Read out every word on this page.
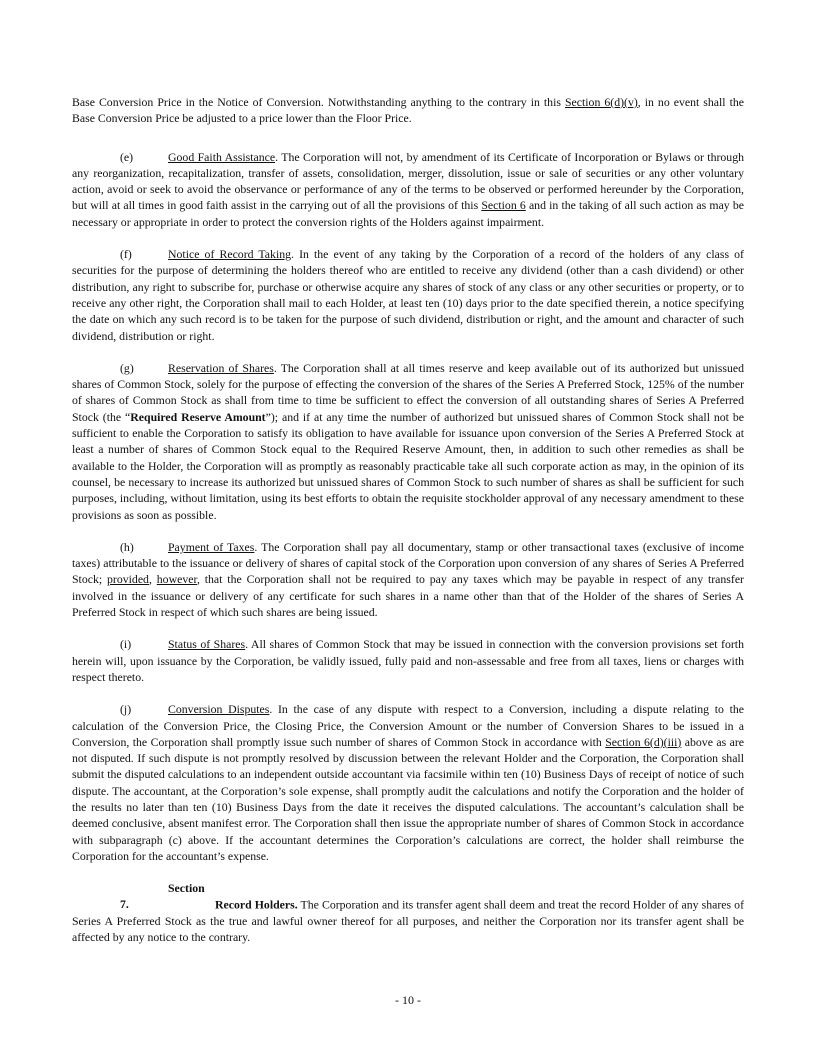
Base Conversion Price in the Notice of Conversion. Notwithstanding anything to the contrary in this Section 6(d)(v), in no event shall the Base Conversion Price be adjusted to a price lower than the Floor Price.

(e)	Good Faith Assistance. The Corporation will not, by amendment of its Certificate of Incorporation or Bylaws or through any reorganization, recapitalization, transfer of assets, consolidation, merger, dissolution, issue or sale of securities or any other voluntary action, avoid or seek to avoid the observance or performance of any of the terms to be observed or performed hereunder by the Corporation, but will at all times in good faith assist in the carrying out of all the provisions of this Section 6 and in the taking of all such action as may be necessary or appropriate in order to protect the conversion rights of the Holders against impairment.

(f)	Notice of Record Taking. In the event of any taking by the Corporation of a record of the holders of any class of securities for the purpose of determining the holders thereof who are entitled to receive any dividend (other than a cash dividend) or other distribution, any right to subscribe for, purchase or otherwise acquire any shares of stock of any class or any other securities or property, or to receive any other right, the Corporation shall mail to each Holder, at least ten (10) days prior to the date specified therein, a notice specifying the date on which any such record is to be taken for the purpose of such dividend, distribution or right, and the amount and character of such dividend, distribution or right.

(g)	Reservation of Shares. The Corporation shall at all times reserve and keep available out of its authorized but unissued shares of Common Stock, solely for the purpose of effecting the conversion of the shares of the Series A Preferred Stock, 125% of the number of shares of Common Stock as shall from time to time be sufficient to effect the conversion of all outstanding shares of Series A Preferred Stock (the “Required Reserve Amount”); and if at any time the number of authorized but unissued shares of Common Stock shall not be sufficient to enable the Corporation to satisfy its obligation to have available for issuance upon conversion of the Series A Preferred Stock at least a number of shares of Common Stock equal to the Required Reserve Amount, then, in addition to such other remedies as shall be available to the Holder, the Corporation will as promptly as reasonably practicable take all such corporate action as may, in the opinion of its counsel, be necessary to increase its authorized but unissued shares of Common Stock to such number of shares as shall be sufficient for such purposes, including, without limitation, using its best efforts to obtain the requisite stockholder approval of any necessary amendment to these provisions as soon as possible.

(h)	Payment of Taxes. The Corporation shall pay all documentary, stamp or other transactional taxes (exclusive of income taxes) attributable to the issuance or delivery of shares of capital stock of the Corporation upon conversion of any shares of Series A Preferred Stock; provided, however, that the Corporation shall not be required to pay any taxes which may be payable in respect of any transfer involved in the issuance or delivery of any certificate for such shares in a name other than that of the Holder of the shares of Series A Preferred Stock in respect of which such shares are being issued.

(i)	Status of Shares. All shares of Common Stock that may be issued in connection with the conversion provisions set forth herein will, upon issuance by the Corporation, be validly issued, fully paid and non-assessable and free from all taxes, liens or charges with respect thereto.

(j)	Conversion Disputes. In the case of any dispute with respect to a Conversion, including a dispute relating to the calculation of the Conversion Price, the Closing Price, the Conversion Amount or the number of Conversion Shares to be issued in a Conversion, the Corporation shall promptly issue such number of shares of Common Stock in accordance with Section 6(d)(iii) above as are not disputed. If such dispute is not promptly resolved by discussion between the relevant Holder and the Corporation, the Corporation shall submit the disputed calculations to an independent outside accountant via facsimile within ten (10) Business Days of receipt of notice of such dispute. The accountant, at the Corporation’s sole expense, shall promptly audit the calculations and notify the Corporation and the holder of the results no later than ten (10) Business Days from the date it receives the disputed calculations. The accountant’s calculation shall be deemed conclusive, absent manifest error. The Corporation shall then issue the appropriate number of shares of Common Stock in accordance with subparagraph (c) above. If the accountant determines the Corporation’s calculations are correct, the holder shall reimburse the Corporation for the accountant’s expense.

Section 7.	Record Holders. The Corporation and its transfer agent shall deem and treat the record Holder of any shares of Series A Preferred Stock as the true and lawful owner thereof for all purposes, and neither the Corporation nor its transfer agent shall be affected by any notice to the contrary.

- 10 -
